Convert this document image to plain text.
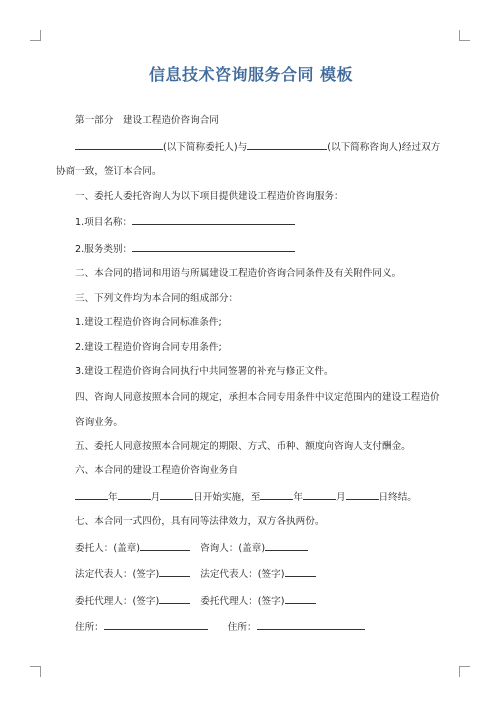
信息技术咨询服务合同 模板
第一部分　建设工程造价咨询合同
(以下简称委托人)与	(以下简称咨询人)经过双方
协商一致，签订本合同。
一、委托人委托咨询人为以下项目提供建设工程造价咨询服务：
1.项目名称：
2.服务类别：
二、本合同的措词和用语与所属建设工程造价咨询合同条件及有关附件同义。
三、下列文件均为本合同的组成部分：
1.建设工程造价咨询合同标准条件;
2.建设工程造价咨询合同专用条件;
3.建设工程造价咨询合同执行中共同签署的补充与修正文件。
四、咨询人同意按照本合同的规定，承担本合同专用条件中议定范围内的建设工程造价咨询业务。
五、委托人同意按照本合同规定的期限、方式、币种、额度向咨询人支付酬金。
六、本合同的建设工程造价咨询业务自
年	月	日开始实施，至	年	月	日终结。
七、本合同一式四份，具有同等法律效力，双方各执两份。
委托人：(盖章)	咨询人：(盖章)
法定代表人：(签字)	法定代表人：(签字)
委托代理人：(签字)	委托代理人：(签字)
住所：	住所：
